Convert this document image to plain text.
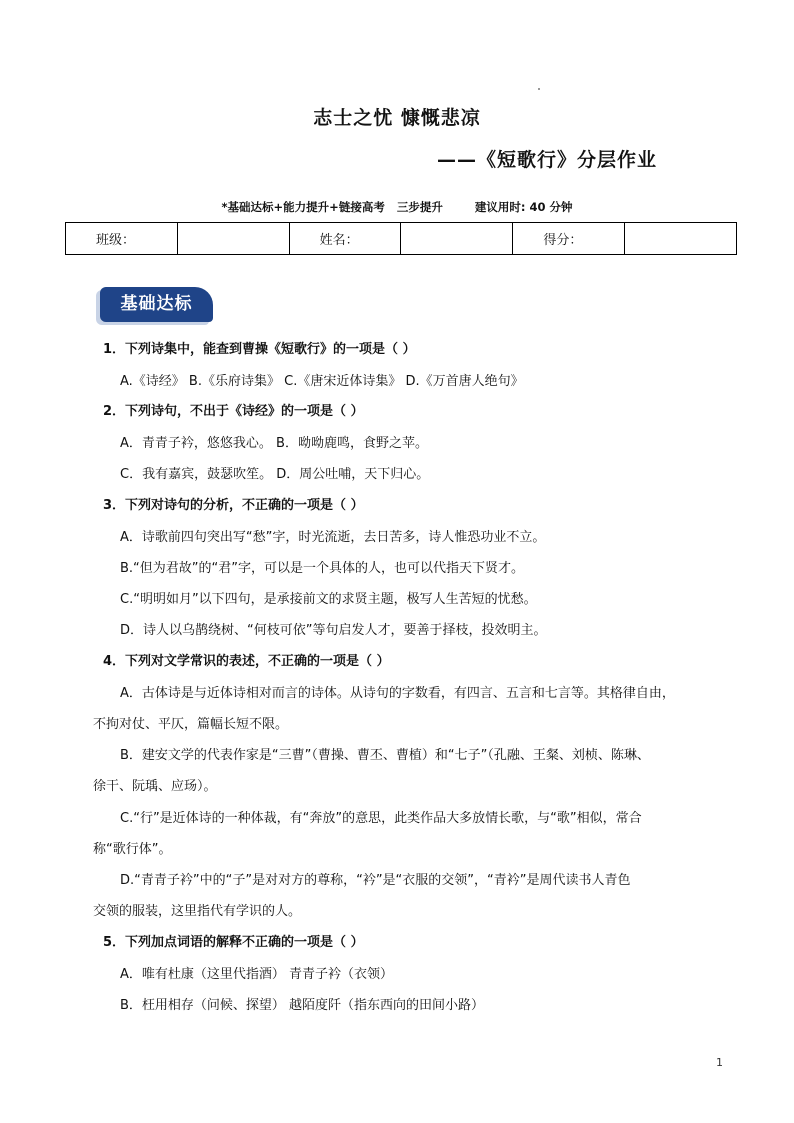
志士之忧 慷慨悲凉
——《短歌行》分层作业
*基础达标+能力提升+链接高考   三步提升        建议用时: 40 分钟
班级：		姓名：		得分：	
基础达标
1．下列诗集中，能查到曹操《短歌行》的一项是（ ）
A.《诗经》 B.《乐府诗集》 C.《唐宋近体诗集》 D.《万首唐人绝句》
2．下列诗句，不出于《诗经》的一项是（ ）
A．青青子衿，悠悠我心。 B．呦呦鹿鸣，食野之苹。
C．我有嘉宾，鼓瑟吹笙。 D．周公吐哺，天下归心。
3．下列对诗句的分析，不正确的一项是（ ）
A．诗歌前四句突出写“愁”字，时光流逝，去日苦多，诗人惟恐功业不立。
B.“但为君故”的“君”字，可以是一个具体的人，也可以代指天下贤才。
C.“明明如月”以下四句，是承接前文的求贤主题，极写人生苦短的忧愁。
D．诗人以乌鹊绕树、“何枝可依”等句启发人才，要善于择枝，投效明主。
4．下列对文学常识的表述，不正确的一项是（ ）
A．古体诗是与近体诗相对而言的诗体。从诗句的字数看，有四言、五言和七言等。其格律自由，
不拘对仗、平仄，篇幅长短不限。
B．建安文学的代表作家是“三曹”（曹操、曹丕、曹植）和“七子”（孔融、王粲、刘桢、陈琳、
徐干、阮瑀、应玚）。
C.“行”是近体诗的一种体裁，有“奔放”的意思，此类作品大多放情长歌，与“歌”相似，常合
称“歌行体”。
D.“青青子衿”中的“子”是对对方的尊称，“衿”是“衣服的交领”，“青衿”是周代读书人青色
交领的服装，这里指代有学识的人。
5．下列加点词语的解释不正确的一项是（ ）
A．唯有杜康（这里代指酒） 青青子衿（衣领）
B．枉用相存（问候、探望） 越陌度阡（指东西向的田间小路）
1
